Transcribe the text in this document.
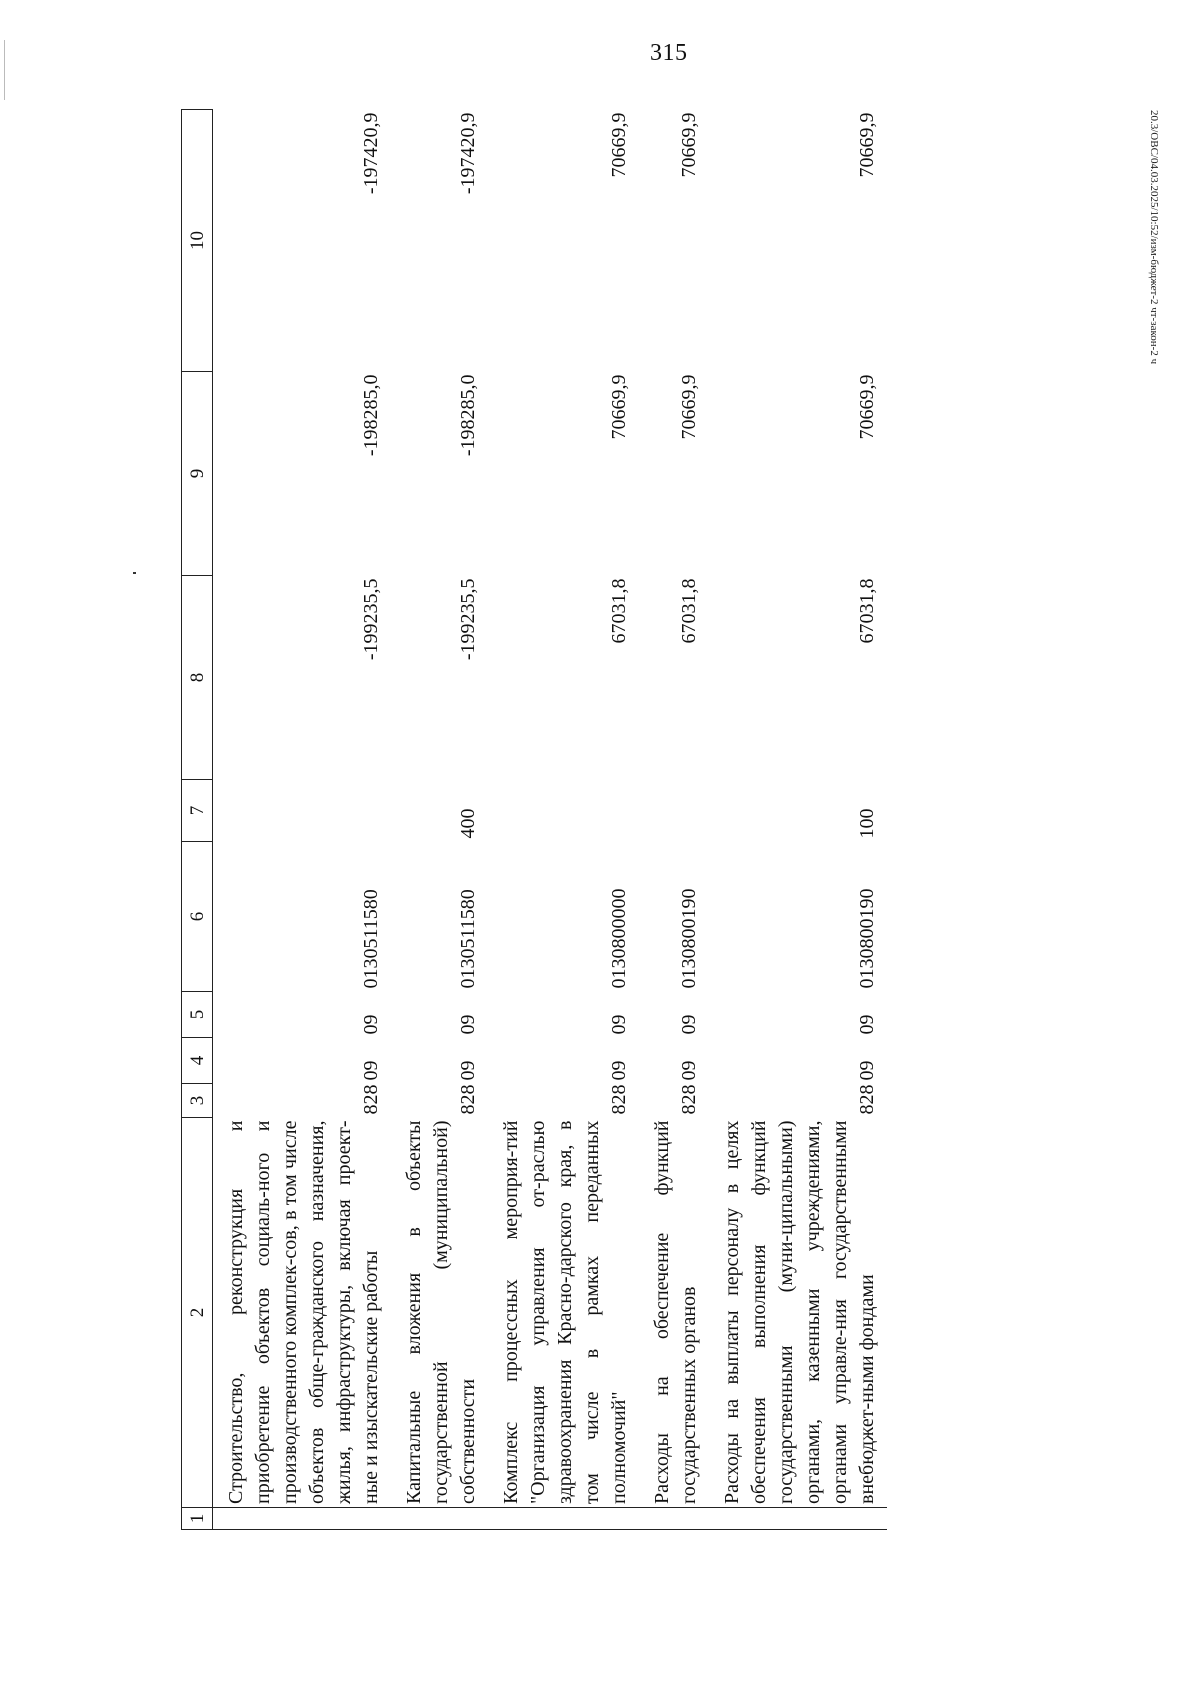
315
1	2	3	4	5	6	7	8	9	10
	Строительство, реконструкция и приобретение объектов социаль-ного и производственного комплек-сов, в том числе объектов обще-гражданского назначения, жилья, инфраструктуры, включая проект-ные и изыскательские работы	828	09	09	0130511580		-199235,5	-198285,0	-197420,9
	Капитальные вложения в объекты государственной (муниципальной) собственности	828	09	09	0130511580	400	-199235,5	-198285,0	-197420,9
	Комплекс процессных мероприя-тий "Организация управления от-раслью здравоохранения Красно-дарского края, в том числе в рамках переданных полномочий"	828	09	09	0130800000		67031,8	70669,9	70669,9
	Расходы на обеспечение функций государственных органов	828	09	09	0130800190		67031,8	70669,9	70669,9
	Расходы на выплаты персоналу в целях обеспечения выполнения функций государственными (муни-ципальными) органами, казенными учреждениями, органами управле-ния государственными внебюджет-ными фондами	828	09	09	0130800190	100	67031,8	70669,9	70669,9	20.3/ОВС/04.03.2025/10:52/изм-бюджет-2 чт-закон-2 ч
